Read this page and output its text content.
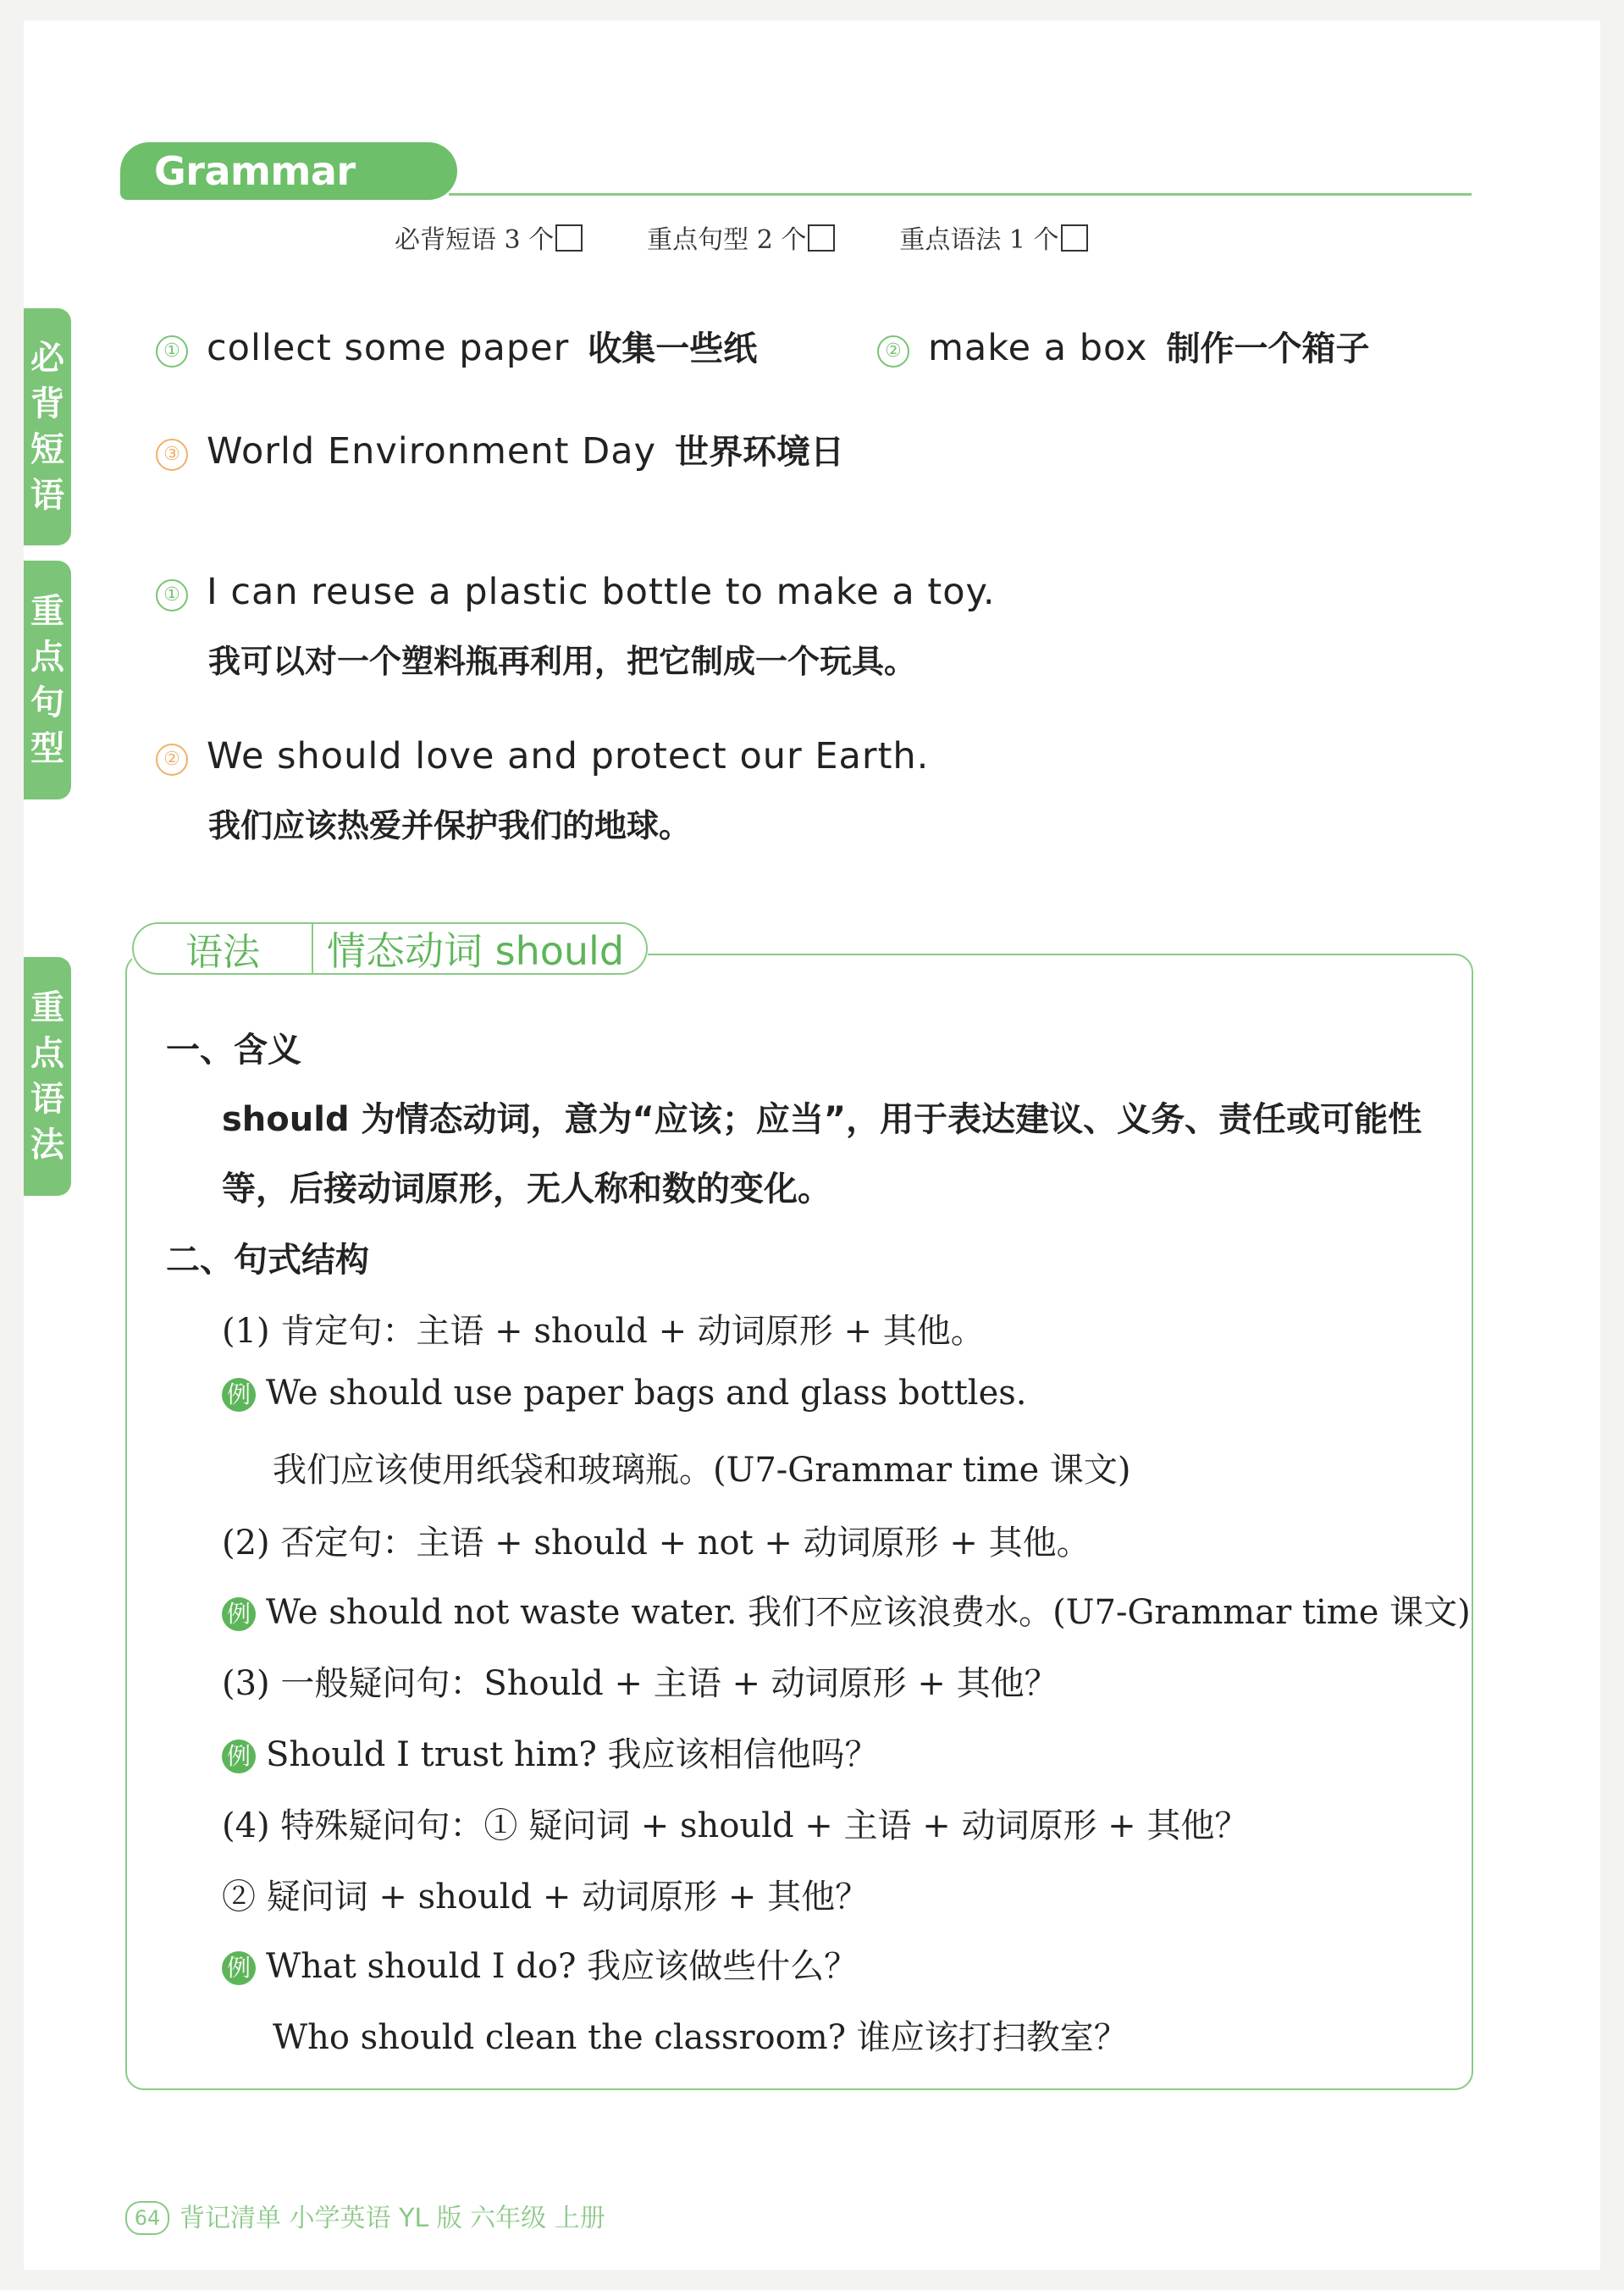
Grammar time	必背短语 3 个	重点句型 2 个	重点语法 1 个
必
背
短
语
重
点
句
型
重
点
语
法
① collect some paper 收集一些纸	② make a box 制作一个箱子
③ World Environment Day 世界环境日
① I can reuse a plastic bottle to make a toy.
我可以对一个塑料瓶再利用，把它制成一个玩具。
② We should love and protect our Earth.
我们应该热爱并保护我们的地球。
语法	情态动词 should
一、含义
should 为情态动词，意为“应该；应当”，用于表达建议、义务、责任或可能性
等，后接动词原形，无人称和数的变化。
二、句式结构
(1) 肯定句：主语 + should + 动词原形 + 其他。
例 We should use paper bags and glass bottles.
我们应该使用纸袋和玻璃瓶。(U7-Grammar time 课文)
(2) 否定句：主语 + should + not + 动词原形 + 其他。
例 We should not waste water. 我们不应该浪费水。(U7-Grammar time 课文)
(3) 一般疑问句：Should + 主语 + 动词原形 + 其他？
例 Should I trust him? 我应该相信他吗？
(4) 特殊疑问句：① 疑问词 + should + 主语 + 动词原形 + 其他？
② 疑问词 + should + 动词原形 + 其他？
例 What should I do? 我应该做些什么？
Who should clean the classroom? 谁应该打扫教室？
64 背记清单 小学英语 YL 版 六年级 上册
